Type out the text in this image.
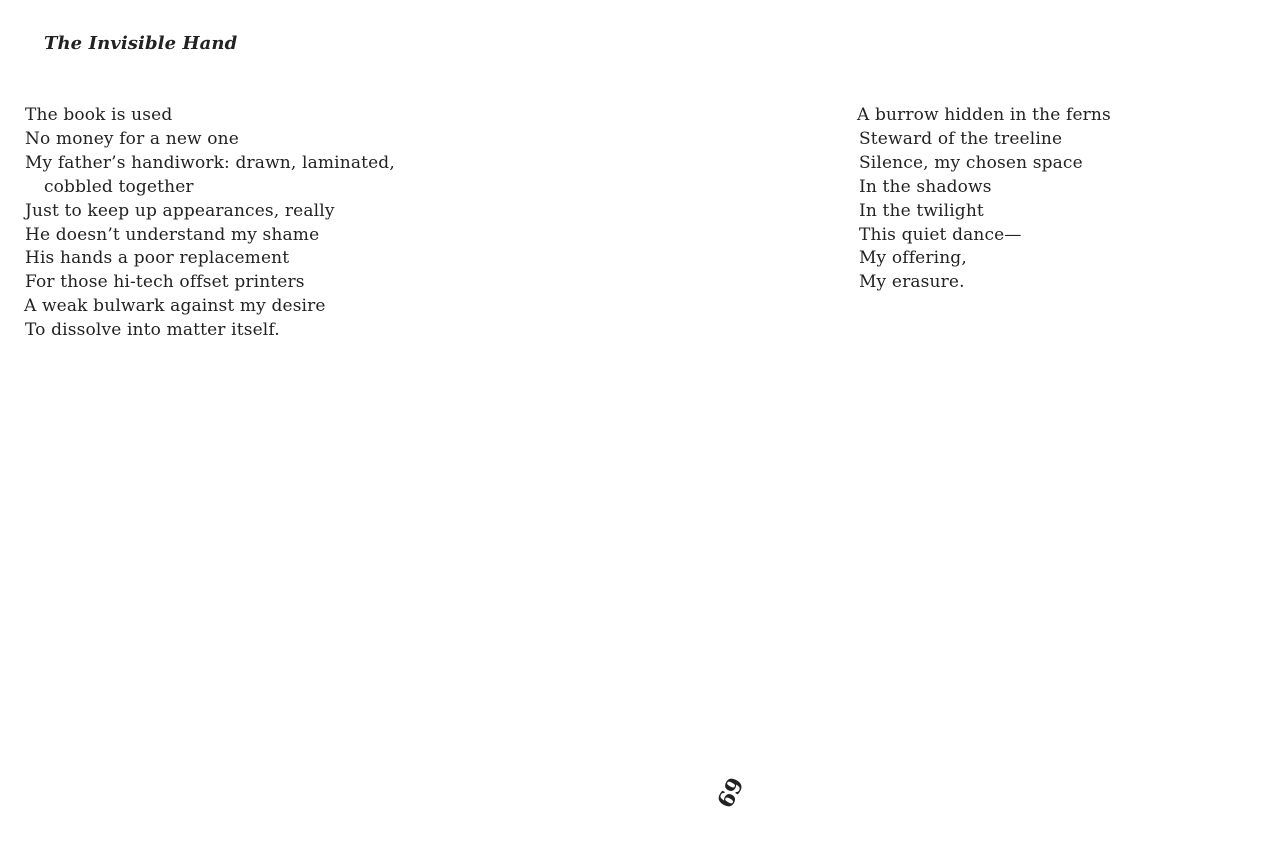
The Invisible Hand
The book is used
No money for a new one
My father’s handiwork: drawn, laminated,
cobbled together
Just to keep up appearances, really
He doesn’t understand my shame
His hands a poor replacement
For those hi-tech offset printers
A weak bulwark against my desire
To dissolve into matter itself.
A burrow hidden in the ferns
Steward of the treeline
Silence, my chosen space
In the shadows
In the twilight
This quiet dance—
My offering,
My erasure.
69
